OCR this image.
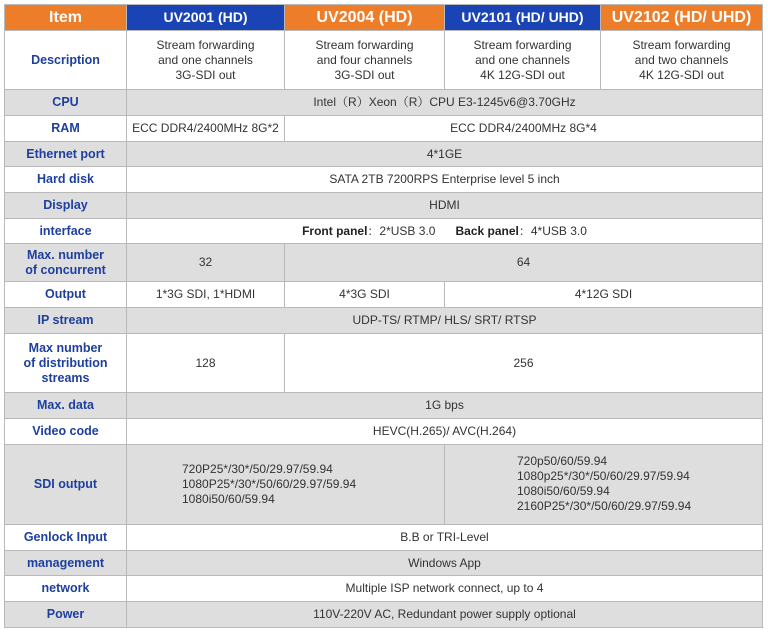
Item	UV2001 (HD)	UV2004 (HD)	UV2101 (HD/ UHD)	UV2102 (HD/ UHD)
Description	Stream forwarding
and one channels
3G-SDI out	Stream forwarding
and four channels
3G-SDI out	Stream forwarding
and one channels
4K 12G-SDI out	Stream forwarding
and two channels
4K 12G-SDI out
CPU	Intel（R）Xeon（R）CPU E3-1245v6@3.70GHz			
RAM	ECC DDR4/2400MHz 8G*2	ECC DDR4/2400MHz 8G*4		
Ethernet port	4*1GE			
Hard disk	SATA 2TB 7200RPS Enterprise level 5 inch			
Display	HDMI			
interface	Front panel：2*USB 3.0 Back panel：4*USB 3.0			
Max. number
of concurrent	32	64		
Output	1*3G SDI, 1*HDMI	4*3G SDI	4*12G SDI	
IP stream	UDP-TS/ RTMP/ HLS/ SRT/ RTSP			
Max number
of distribution
streams	128	256		
Max. data	1G bps			
Video code	HEVC(H.265)/ AVC(H.264)			
SDI output	720P25*/30*/50/29.97/59.94
1080P25*/30*/50/60/29.97/59.94
1080i50/60/59.94		720p50/60/59.94
1080p25*/30*/50/60/29.97/59.94
1080i50/60/59.94
2160P25*/30*/50/60/29.97/59.94	
Genlock Input	B.B or TRI-Level			
management	Windows App			
network	Multiple ISP network connect, up to 4			
Power	110V-220V AC, Redundant power supply optional			
